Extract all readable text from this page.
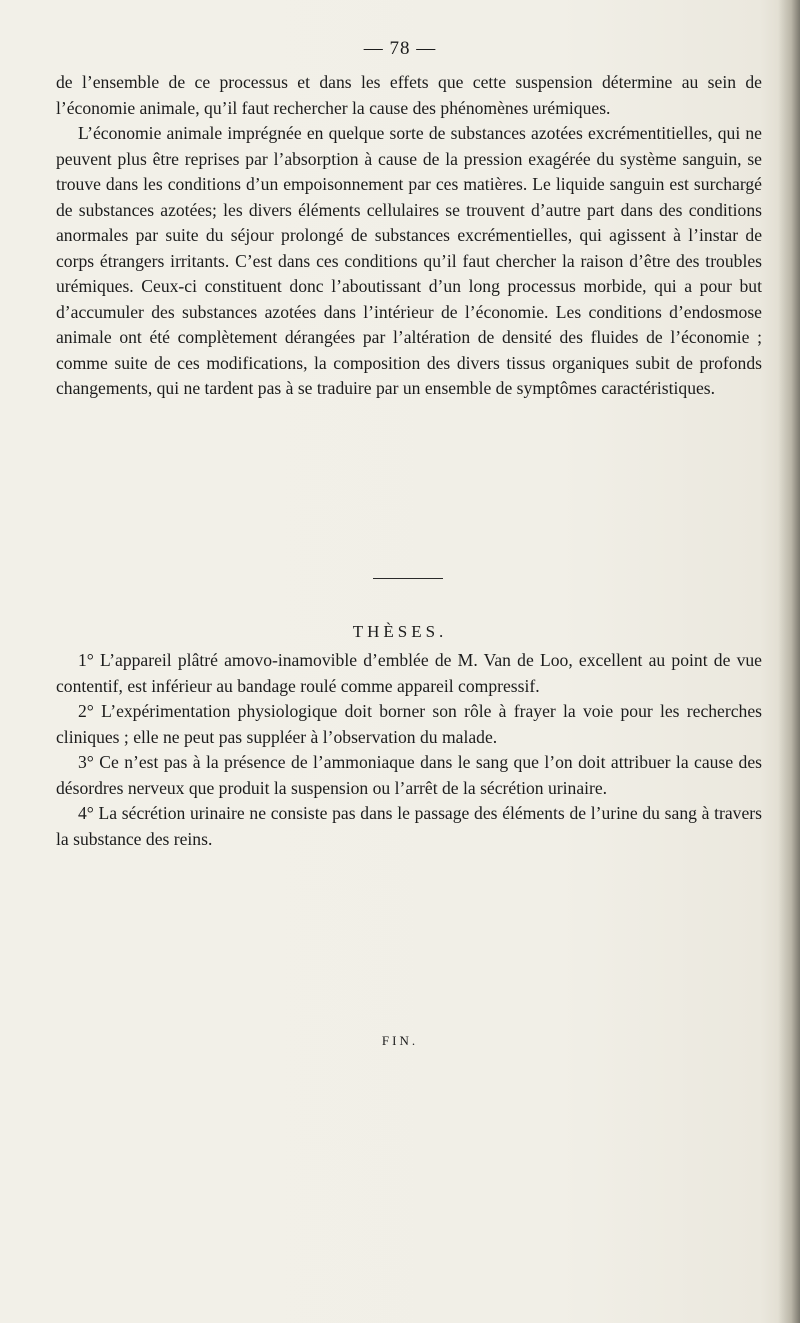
— 78 —

de l’ensemble de ce processus et dans les effets que cette suspension détermine au sein de l’économie animale, qu’il faut rechercher la cause des phénomènes urémiques.

L’économie animale imprégnée en quelque sorte de substances azotées excrémentitielles, qui ne peuvent plus être reprises par l’absorption à cause de la pression exagérée du système sanguin, se trouve dans les conditions d’un empoisonnement par ces matières. Le liquide sanguin est surchargé de substances azotées; les divers éléments cellulaires se trouvent d’autre part dans des conditions anormales par suite du séjour prolongé de substances excrémentielles, qui agissent à l’instar de corps étrangers irritants. C’est dans ces conditions qu’il faut chercher la raison d’être des troubles urémiques. Ceux-ci constituent donc l’aboutissant d’un long processus morbide, qui a pour but d’accumuler des substances azotées dans l’intérieur de l’économie. Les conditions d’endosmose animale ont été complètement dérangées par l’altération de densité des fluides de l’économie ; comme suite de ces modifications, la composition des divers tissus organiques subit de profonds changements, qui ne tardent pas à se traduire par un ensemble de symptômes caractéristiques.

THÈSES.

1° L’appareil plâtré amovo-inamovible d’emblée de M. Van de Loo, excellent au point de vue contentif, est inférieur au bandage roulé comme appareil compressif.

2° L’expérimentation physiologique doit borner son rôle à frayer la voie pour les recherches cliniques ; elle ne peut pas suppléer à l’observation du malade.

3° Ce n’est pas à la présence de l’ammoniaque dans le sang que l’on doit attribuer la cause des désordres nerveux que produit la suspension ou l’arrêt de la sécrétion urinaire.

4° La sécrétion urinaire ne consiste pas dans le passage des éléments de l’urine du sang à travers la substance des reins.

FIN.
